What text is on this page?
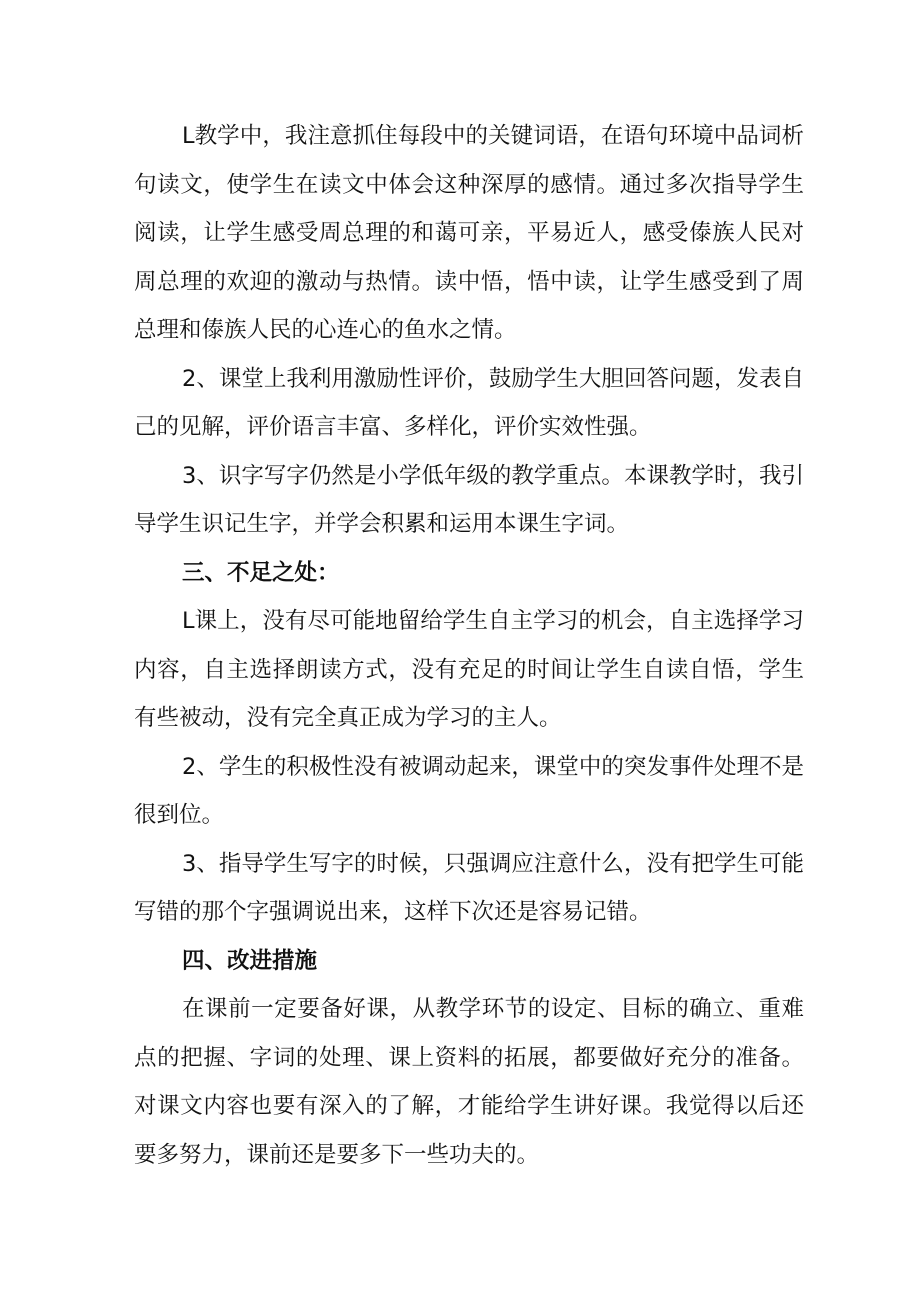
L教学中，我注意抓住每段中的关键词语，在语句环境中品词析句读文，使学生在读文中体会这种深厚的感情。通过多次指导学生阅读，让学生感受周总理的和蔼可亲，平易近人，感受傣族人民对周总理的欢迎的激动与热情。读中悟，悟中读，让学生感受到了周总理和傣族人民的心连心的鱼水之情。

2、课堂上我利用激励性评价，鼓励学生大胆回答问题，发表自己的见解，评价语言丰富、多样化，评价实效性强。

3、识字写字仍然是小学低年级的教学重点。本课教学时，我引导学生识记生字，并学会积累和运用本课生字词。

三、不足之处：

L课上，没有尽可能地留给学生自主学习的机会，自主选择学习内容，自主选择朗读方式，没有充足的时间让学生自读自悟，学生有些被动，没有完全真正成为学习的主人。

2、学生的积极性没有被调动起来，课堂中的突发事件处理不是很到位。

3、指导学生写字的时候，只强调应注意什么，没有把学生可能写错的那个字强调说出来，这样下次还是容易记错。

四、改进措施

在课前一定要备好课，从教学环节的设定、目标的确立、重难点的把握、字词的处理、课上资料的拓展，都要做好充分的准备。对课文内容也要有深入的了解，才能给学生讲好课。我觉得以后还要多努力，课前还是要多下一些功夫的。
